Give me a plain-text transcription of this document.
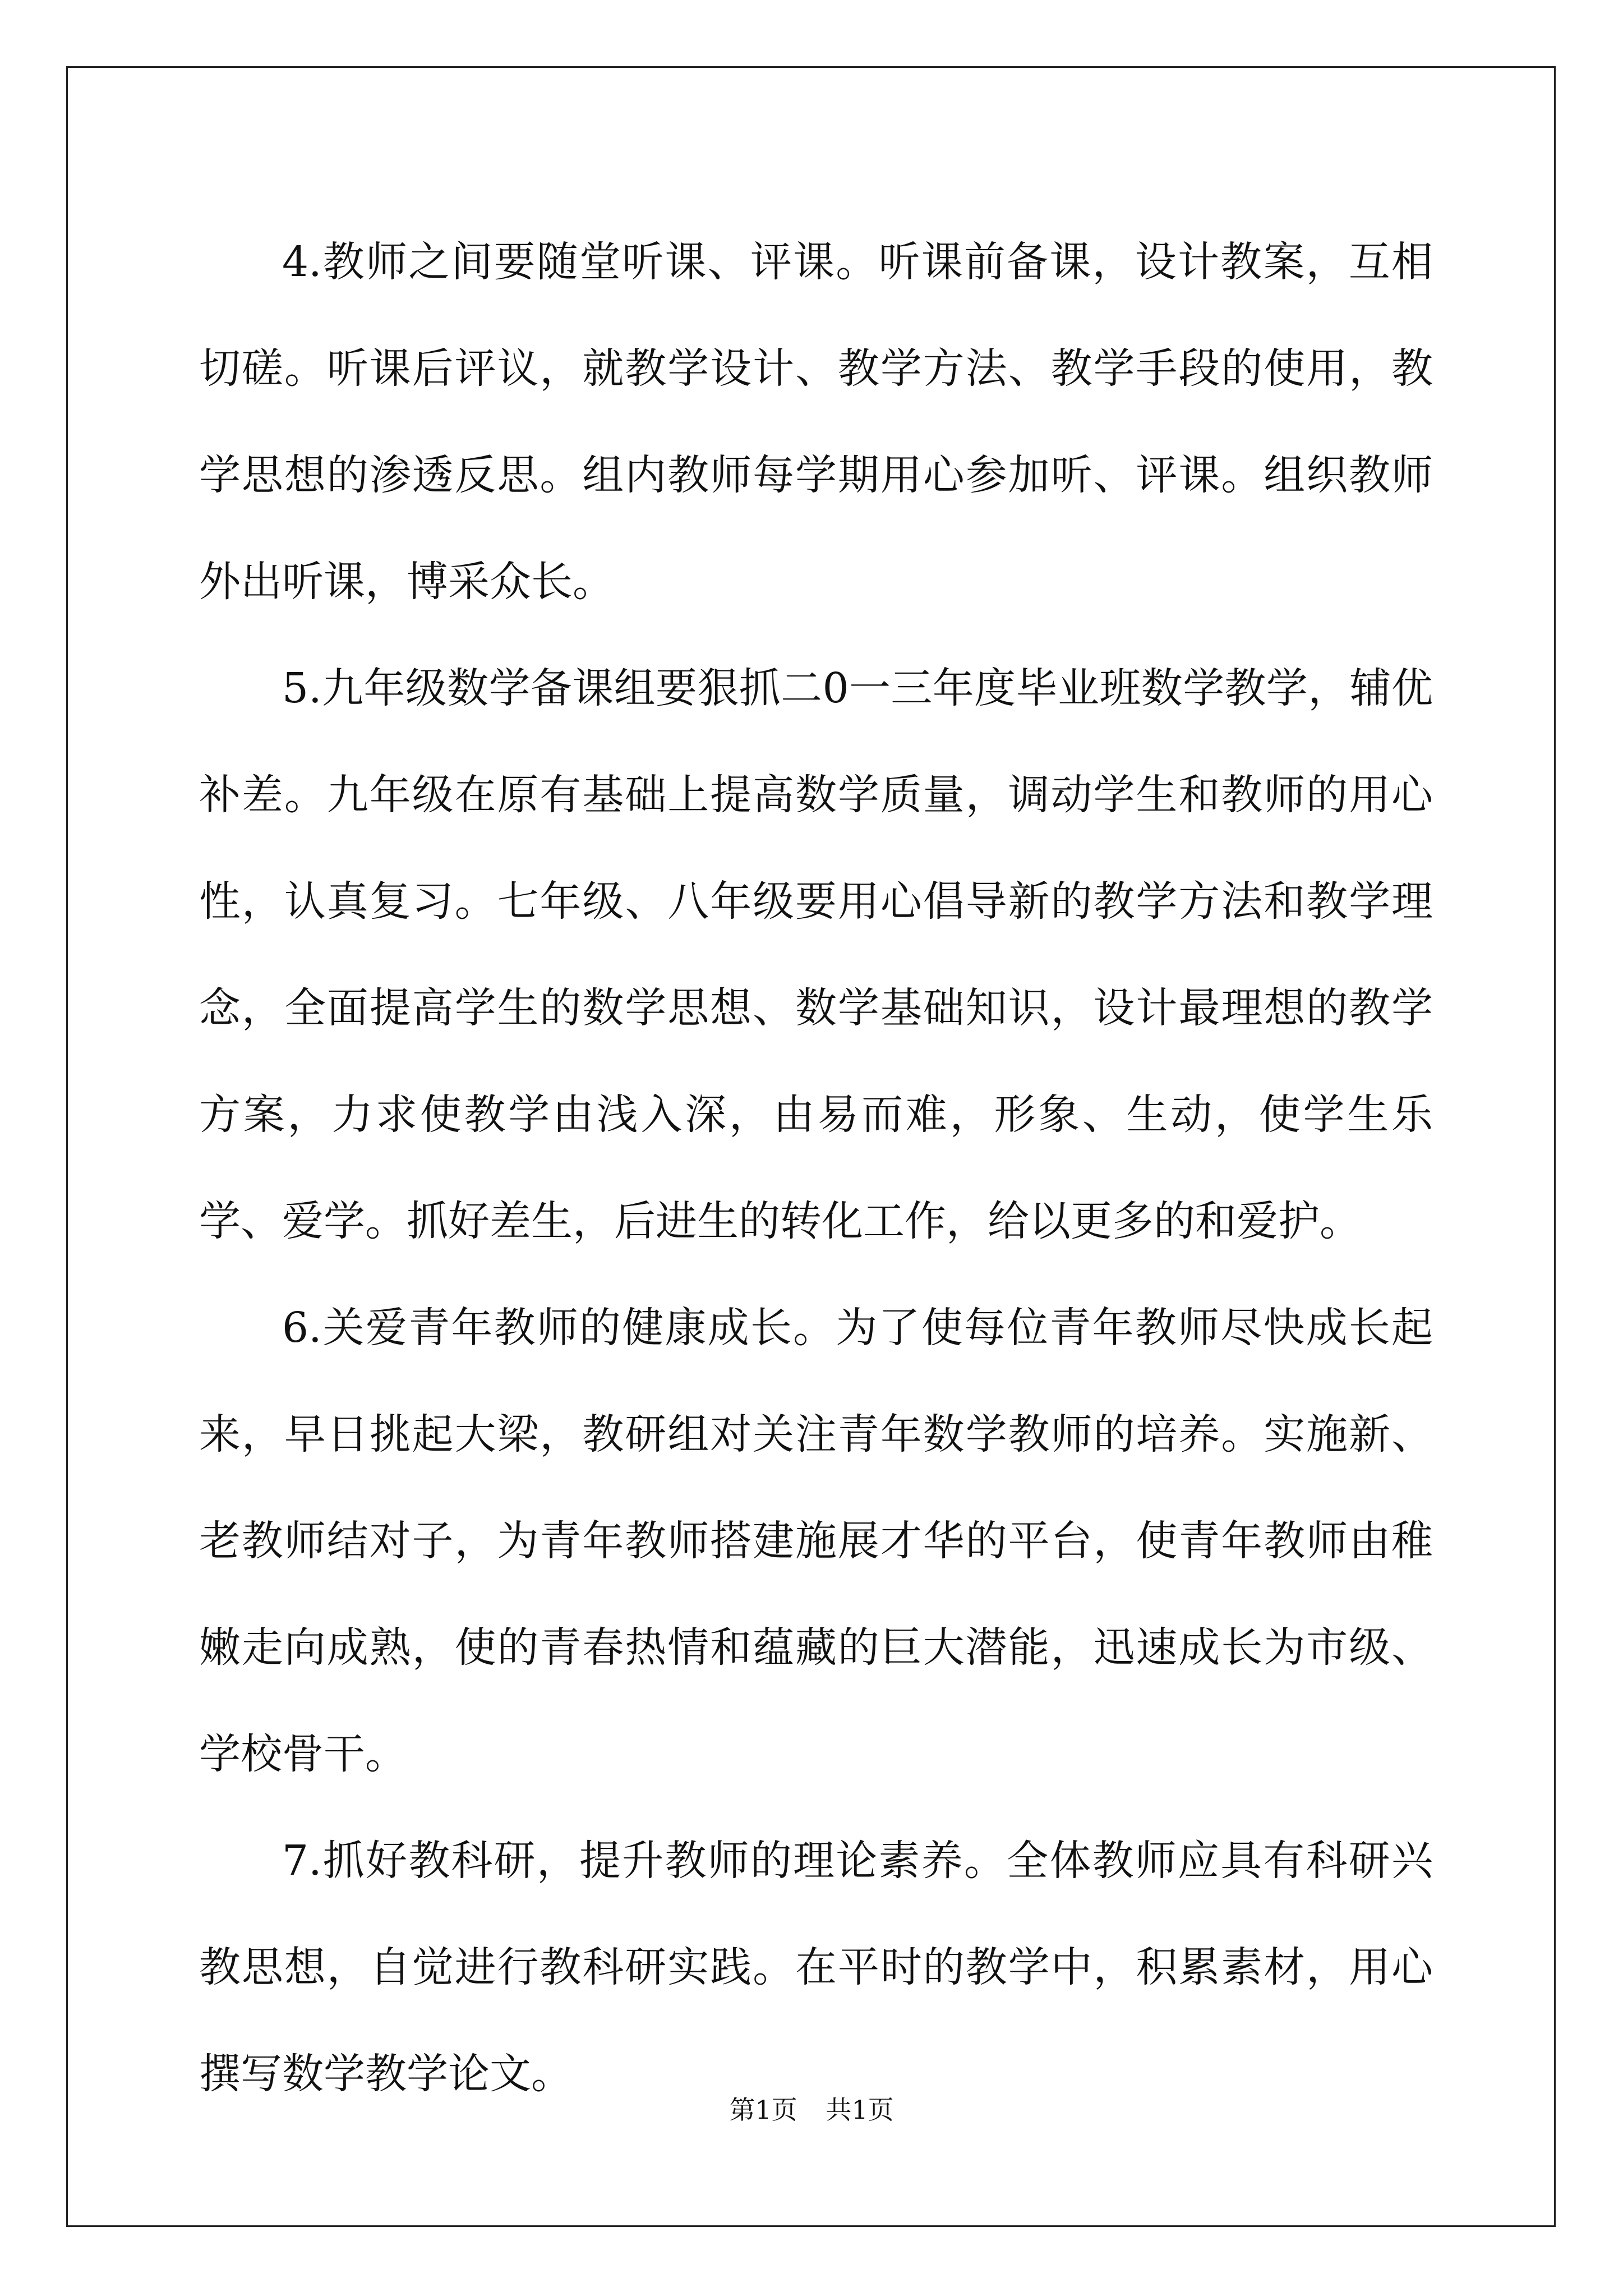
4.教师之间要随堂听课、评课。听课前备课，设计教案，互相切磋。听课后评议，就教学设计、教学方法、教学手段的使用，教学思想的渗透反思。组内教师每学期用心参加听、评课。组织教师外出听课，博采众长。

5.九年级数学备课组要狠抓二0一三年度毕业班数学教学，辅优补差。九年级在原有基础上提高数学质量，调动学生和教师的用心性，认真复习。七年级、八年级要用心倡导新的教学方法和教学理念，全面提高学生的数学思想、数学基础知识，设计最理想的教学方案，力求使教学由浅入深，由易而难，形象、生动，使学生乐学、爱学。抓好差生，后进生的转化工作，给以更多的和爱护。

6.关爱青年教师的健康成长。为了使每位青年教师尽快成长起来，早日挑起大梁，教研组对关注青年数学教师的培养。实施新、老教师结对子，为青年教师搭建施展才华的平台，使青年教师由稚嫩走向成熟，使的青春热情和蕴藏的巨大潜能，迅速成长为市级、学校骨干。

7.抓好教科研，提升教师的理论素养。全体教师应具有科研兴教思想，自觉进行教科研实践。在平时的教学中，积累素材，用心撰写数学教学论文。

第1页 共1页
